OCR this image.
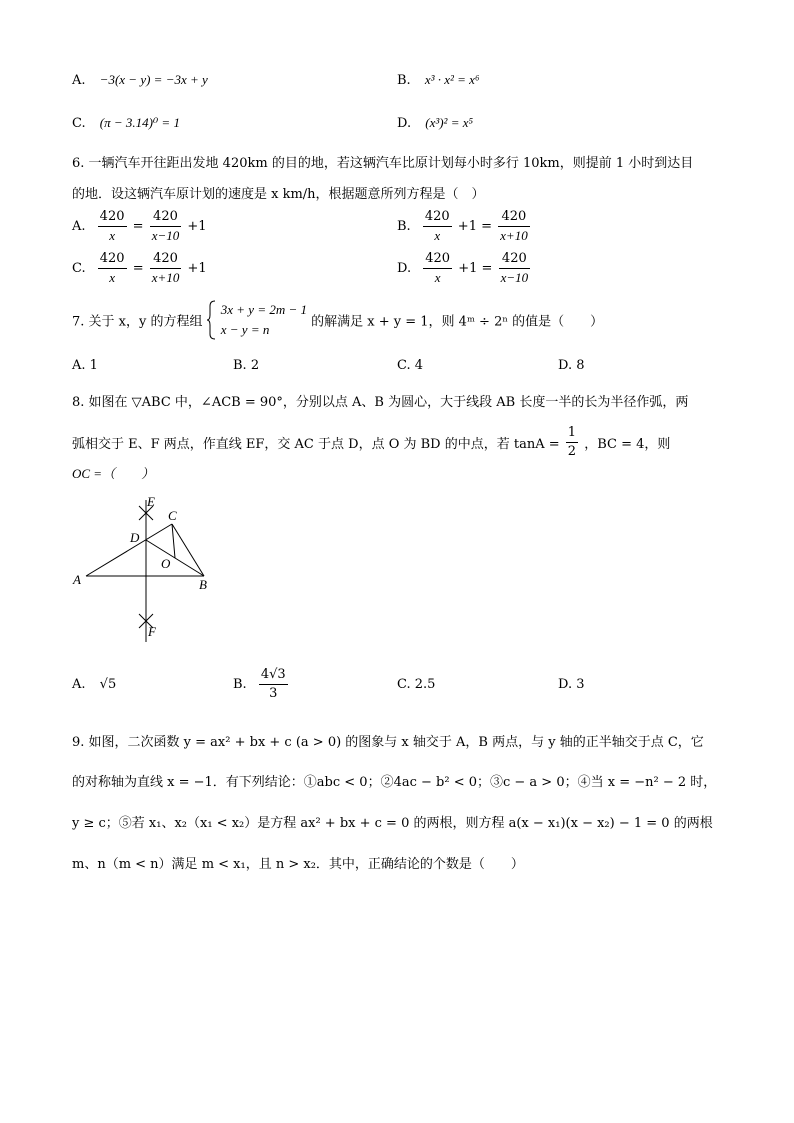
A. −3(x − y) = −3x + y	B. x³ · x² = x⁶
C. (π − 3.14)⁰ = 1	D. (x³)² = x⁵
6. 一辆汽车开往距出发地 420km 的目的地，若这辆汽车比原计划每小时多行 10km，则提前 1 小时到达目
的地．设这辆汽车原计划的速度是 x km/h，根据题意所列方程是（　）
A. $\frac{420}{x} = \frac{420}{x-10} +1$	B. $\frac{420}{x} +1 = \frac{420}{x+10}$
C. $\frac{420}{x} = \frac{420}{x+10} +1$	D. $\frac{420}{x} +1 = \frac{420}{x-10}$
7. 关于 x，y 的方程组
3x + y = 2m − 1
x − y = n	的解满足 x + y = 1，则 4ᵐ ÷ 2ⁿ 的值是（　　）
A. 1	B. 2	C. 4	D. 8
8. 如图在 ▽ABC 中，∠ACB = 90°，分别以点 A、B 为圆心，大于线段 AB 长度一半的长为半径作弧，两
弧相交于 E、F 两点，作直线 EF，交 AC 于点 D，点 O 为 BD 的中点，若 $\tan A = \frac{1}{2}$ ，BC = 4，则
OC =（　　）
E
C
D
O
A	B
F
A. √5	B. $\frac{4√3}{3}$	C. 2.5	D. 3
9. 如图，二次函数 y = ax² + bx + c (a > 0) 的图象与 x 轴交于 A，B 两点，与 y 轴的正半轴交于点 C，它
的对称轴为直线 x = −1．有下列结论：①abc < 0；②4ac − b² < 0；③c − a > 0；④当 x = −n² − 2 时，
y ≥ c；⑤若 x₁、x₂（x₁ < x₂）是方程 ax² + bx + c = 0 的两根，则方程 a(x − x₁)(x − x₂) − 1 = 0 的两根
m、n（m < n）满足 m < x₁，且 n > x₂．其中，正确结论的个数是（　　）
